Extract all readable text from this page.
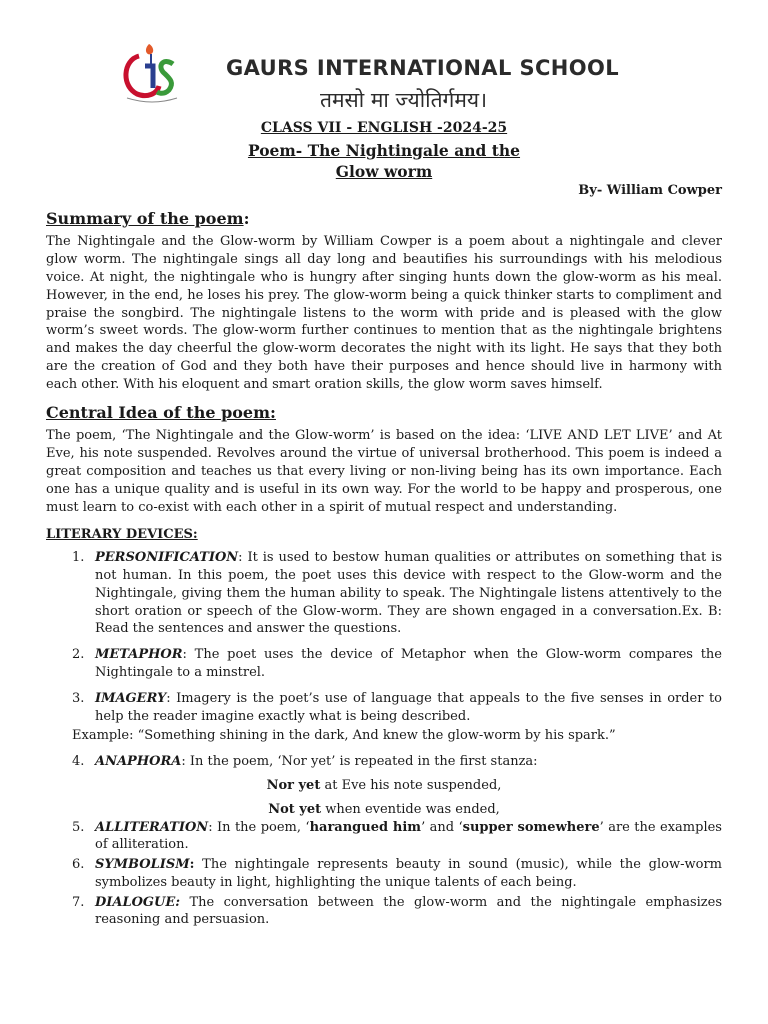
GAURS INTERNATIONAL SCHOOL
तमसो मा ज्योतिर्गमय।

CLASS VII - ENGLISH -2024-25

Poem- The Nightingale and the Glow worm

By- William Cowper

Summary of the poem:

The Nightingale and the Glow-worm by William Cowper is a poem about a nightingale and clever glow worm. The nightingale sings all day long and beautifies his surroundings with his melodious voice. At night, the nightingale who is hungry after singing hunts down the glow-worm as his meal. However, in the end, he loses his prey. The glow-worm being a quick thinker starts to compliment and praise the songbird. The nightingale listens to the worm with pride and is pleased with the glow worm’s sweet words. The glow-worm further continues to mention that as the nightingale brightens and makes the day cheerful the glow-worm decorates the night with its light. He says that they both are the creation of God and they both have their purposes and hence should live in harmony with each other. With his eloquent and smart oration skills, the glow worm saves himself.

Central Idea of the poem:

The poem, ‘The Nightingale and the Glow-worm’ is based on the idea: ‘LIVE AND LET LIVE’ and At Eve, his note suspended. Revolves around the virtue of universal brotherhood. This poem is indeed a great composition and teaches us that every living or non-living being has its own importance. Each one has a unique quality and is useful in its own way. For the world to be happy and prosperous, one must learn to co-exist with each other in a spirit of mutual respect and understanding.

LITERARY DEVICES:
1. PERSONIFICATION: It is used to bestow human qualities or attributes on something that is not human. In this poem, the poet uses this device with respect to the Glow-worm and the Nightingale, giving them the human ability to speak. The Nightingale listens attentively to the short oration or speech of the Glow-worm. They are shown engaged in a conversation.Ex. B: Read the sentences and answer the questions.
2. METAPHOR: The poet uses the device of Metaphor when the Glow-worm compares the Nightingale to a minstrel.
3. IMAGERY: Imagery is the poet’s use of language that appeals to the five senses in order to help the reader imagine exactly what is being described.

Example: “Something shining in the dark, And knew the glow-worm by his spark.”

4. ANAPHORA: In the poem, ‘Nor yet’ is repeated in the first stanza:

Nor yet at Eve his note suspended,

Not yet when eventide was ended,

5. ALLITERATION: In the poem, ‘harangued him’ and ‘supper somewhere’ are the examples of alliteration.
6. SYMBOLISM: The nightingale represents beauty in sound (music), while the glow-worm symbolizes beauty in light, highlighting the unique talents of each being.
7. DIALOGUE: The conversation between the glow-worm and the nightingale emphasizes reasoning and persuasion.
